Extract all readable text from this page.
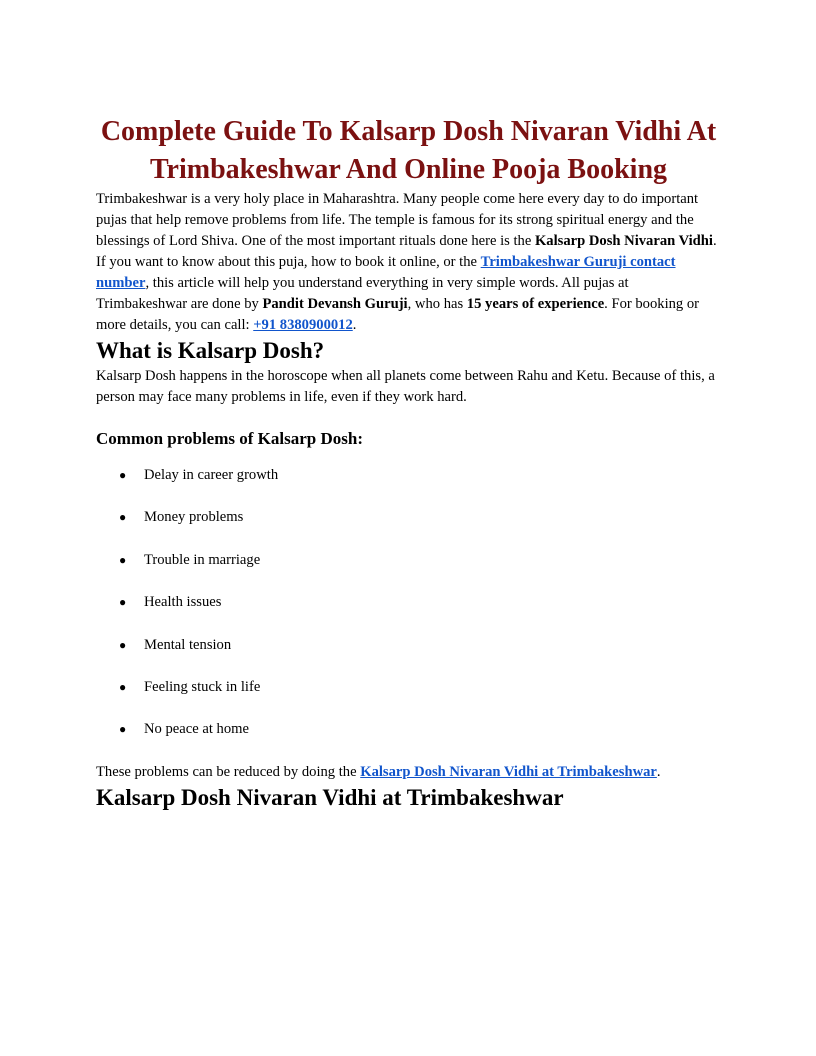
Complete Guide To Kalsarp Dosh Nivaran Vidhi At Trimbakeshwar And Online Pooja Booking

Trimbakeshwar is a very holy place in Maharashtra. Many people come here every day to do important pujas that help remove problems from life. The temple is famous for its strong spiritual energy and the blessings of Lord Shiva. One of the most important rituals done here is the Kalsarp Dosh Nivaran Vidhi.

If you want to know about this puja, how to book it online, or the Trimbakeshwar Guruji contact number, this article will help you understand everything in very simple words. All pujas at Trimbakeshwar are done by Pandit Devansh Guruji, who has 15 years of experience. For booking or more details, you can call: +91 8380900012.

What is Kalsarp Dosh?

Kalsarp Dosh happens in the horoscope when all planets come between Rahu and Ketu. Because of this, a person may face many problems in life, even if they work hard.

Common problems of Kalsarp Dosh:
● Delay in career growth
● Money problems
● Trouble in marriage
● Health issues
● Mental tension
● Feeling stuck in life
● No peace at home

These problems can be reduced by doing the Kalsarp Dosh Nivaran Vidhi at Trimbakeshwar.

Kalsarp Dosh Nivaran Vidhi at Trimbakeshwar
